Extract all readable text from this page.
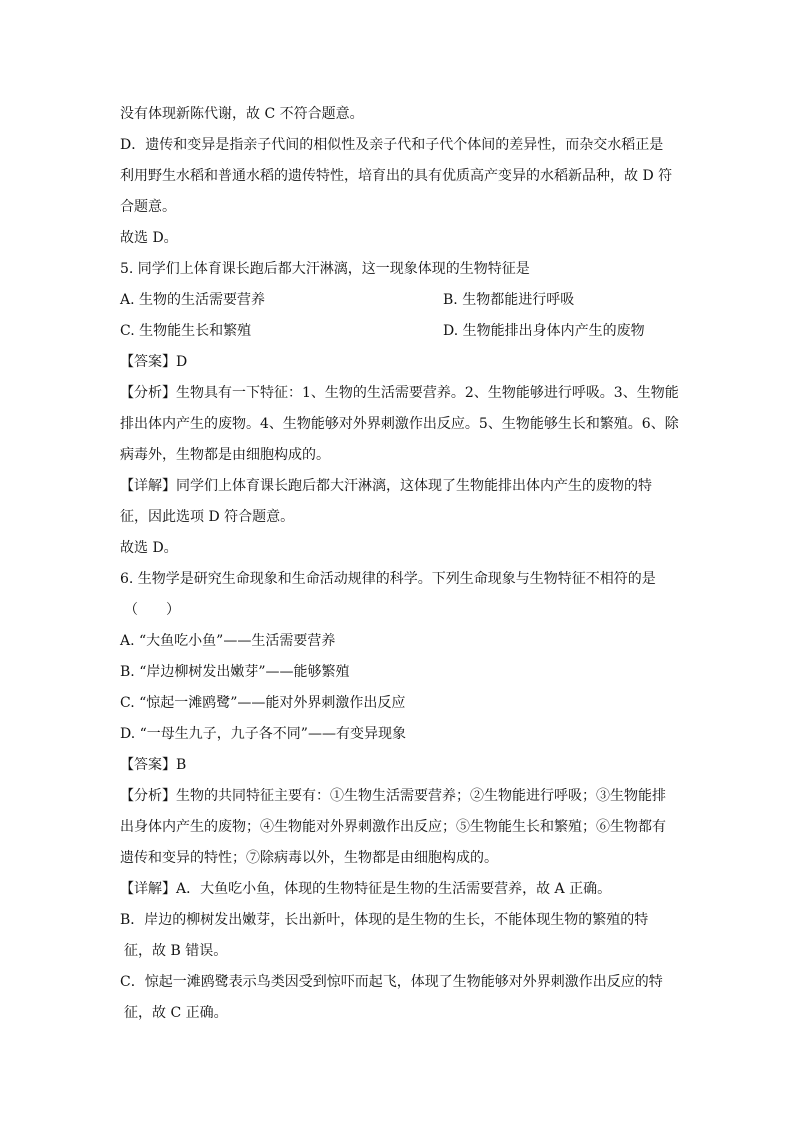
没有体现新陈代谢，故 C 不符合题意。
D．遗传和变异是指亲子代间的相似性及亲子代和子代个体间的差异性，而杂交水稻正是
利用野生水稻和普通水稻的遗传特性，培育出的具有优质高产变异的水稻新品种，故 D 符
合题意。
故选 D。
5. 同学们上体育课长跑后都大汗淋漓，这一现象体现的生物特征是
A. 生物的生活需要营养	B. 生物都能进行呼吸
C. 生物能生长和繁殖	D. 生物能排出身体内产生的废物
【答案】D
【分析】生物具有一下特征：1、生物的生活需要营养。2、生物能够进行呼吸。3、生物能
排出体内产生的废物。4、生物能够对外界刺激作出反应。5、生物能够生长和繁殖。6、除
病毒外，生物都是由细胞构成的。
【详解】同学们上体育课长跑后都大汗淋漓，这体现了生物能排出体内产生的废物的特
征，因此选项 D 符合题意。
故选 D。
6. 生物学是研究生命现象和生命活动规律的科学。下列生命现象与生物特征不相符的是
（　　）
A. “大鱼吃小鱼”——生活需要营养
B. “岸边柳树发出嫩芽”——能够繁殖
C. “惊起一滩鸥鹭”——能对外界刺激作出反应
D. “一母生九子，九子各不同”——有变异现象
【答案】B
【分析】生物的共同特征主要有：①生物生活需要营养；②生物能进行呼吸；③生物能排
出身体内产生的废物；④生物能对外界刺激作出反应；⑤生物能生长和繁殖；⑥生物都有
遗传和变异的特性；⑦除病毒以外，生物都是由细胞构成的。
【详解】A．大鱼吃小鱼，体现的生物特征是生物的生活需要营养，故 A 正确。
B．岸边的柳树发出嫩芽，长出新叶，体现的是生物的生长，不能体现生物的繁殖的特
征，故 B 错误。
C．惊起一滩鸥鹭表示鸟类因受到惊吓而起飞，体现了生物能够对外界刺激作出反应的特
征，故 C 正确。
